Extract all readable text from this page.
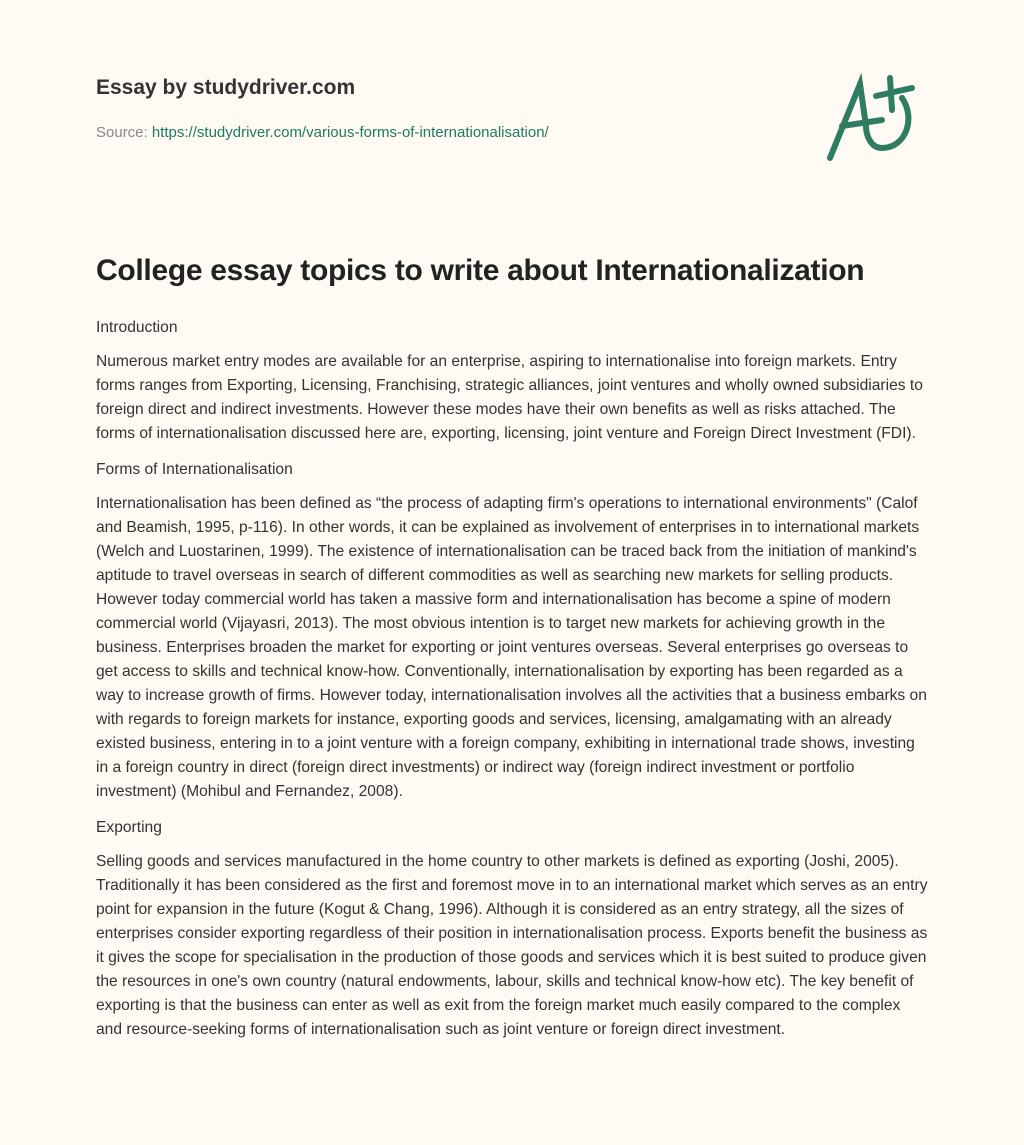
Essay by studydriver.com
Source: https://studydriver.com/various-forms-of-internationalisation/
College essay topics to write about Internationalization
Introduction

Numerous market entry modes are available for an enterprise, aspiring to internationalise into foreign markets. Entry forms ranges from Exporting, Licensing, Franchising, strategic alliances, joint ventures and wholly owned subsidiaries to foreign direct and indirect investments. However these modes have their own benefits as well as risks attached. The forms of internationalisation discussed here are, exporting, licensing, joint venture and Foreign Direct Investment (FDI).

Forms of Internationalisation

Internationalisation has been defined as “the process of adapting firm's operations to international environments" (Calof and Beamish, 1995, p-116). In other words, it can be explained as involvement of enterprises in to international markets (Welch and Luostarinen, 1999). The existence of internationalisation can be traced back from the initiation of mankind's aptitude to travel overseas in search of different commodities as well as searching new markets for selling products. However today commercial world has taken a massive form and internationalisation has become a spine of modern commercial world (Vijayasri, 2013). The most obvious intention is to target new markets for achieving growth in the business. Enterprises broaden the market for exporting or joint ventures overseas. Several enterprises go overseas to get access to skills and technical know-how. Conventionally, internationalisation by exporting has been regarded as a way to increase growth of firms. However today, internationalisation involves all the activities that a business embarks on with regards to foreign markets for instance, exporting goods and services, licensing, amalgamating with an already existed business, entering in to a joint venture with a foreign company, exhibiting in international trade shows, investing in a foreign country in direct (foreign direct investments) or indirect way (foreign indirect investment or portfolio investment) (Mohibul and Fernandez, 2008).

Exporting

Selling goods and services manufactured in the home country to other markets is defined as exporting (Joshi, 2005). Traditionally it has been considered as the first and foremost move in to an international market which serves as an entry point for expansion in the future (Kogut & Chang, 1996). Although it is considered as an entry strategy, all the sizes of enterprises consider exporting regardless of their position in internationalisation process. Exports benefit the business as it gives the scope for specialisation in the production of those goods and services which it is best suited to produce given the resources in one's own country (natural endowments, labour, skills and technical know-how etc). The key benefit of exporting is that the business can enter as well as exit from the foreign market much easily compared to the complex and resource-seeking forms of internationalisation such as joint venture or foreign direct investment.
